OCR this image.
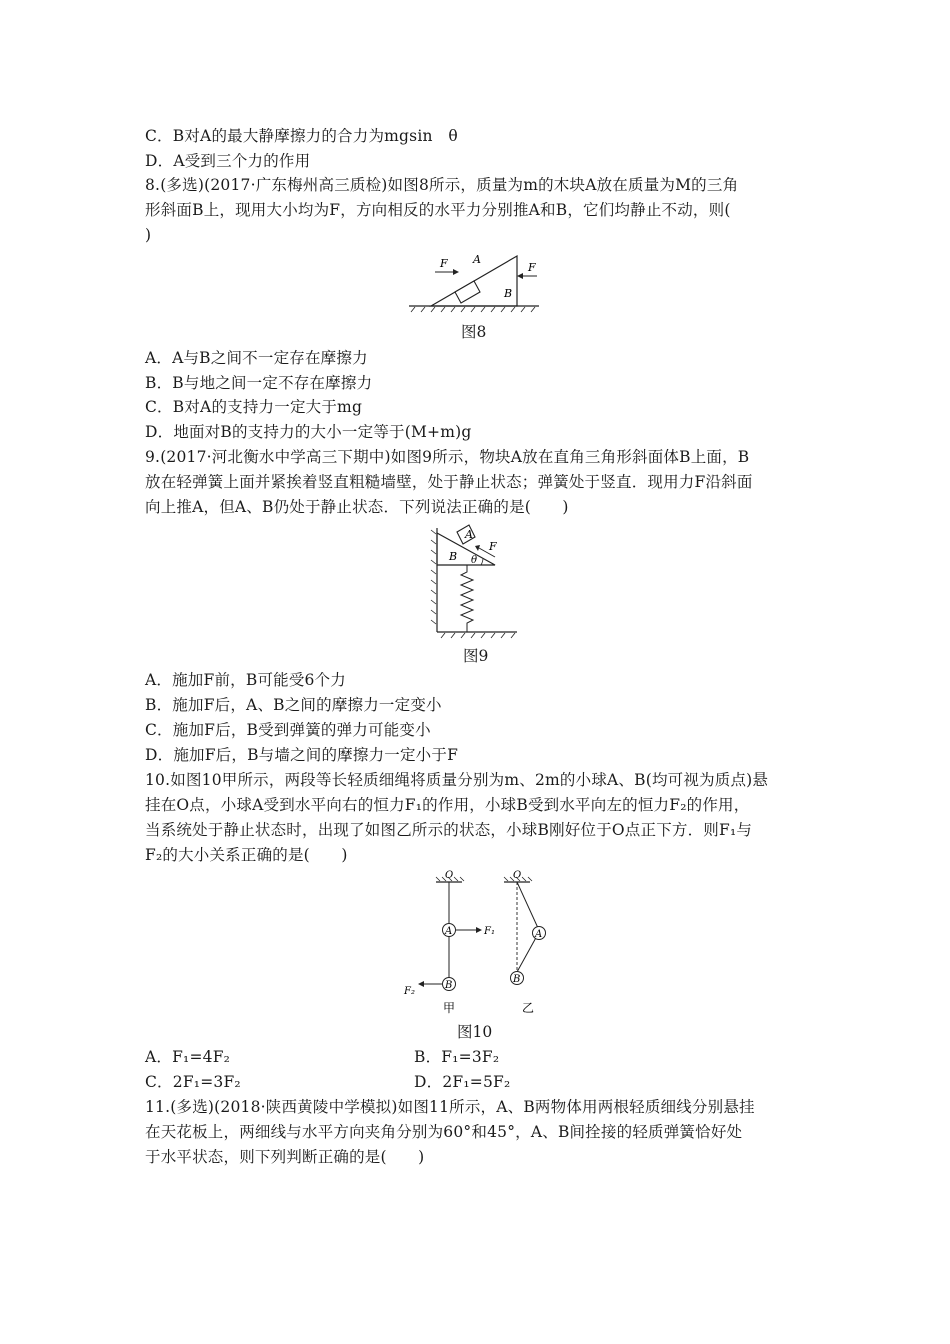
C．B对A的最大静摩擦力的合力为mgsin　θ
D．A受到三个力的作用
8.(多选)(2017·广东梅州高三质检)如图8所示，质量为m的木块A放在质量为M的三角
形斜面B上，现用大小均为F，方向相反的水平力分别推A和B，它们均静止不动，则(
)
F A
F
B
图8
A．A与B之间不一定存在摩擦力
B．B与地之间一定不存在摩擦力
C．B对A的支持力一定大于mg
D．地面对B的支持力的大小一定等于(M+m)g
9.(2017·河北衡水中学高三下期中)如图9所示，物块A放在直角三角形斜面体B上面，B
放在轻弹簧上面并紧挨着竖直粗糙墙壁，处于静止状态；弹簧处于竖直．现用力F沿斜面
向上推A，但A、B仍处于静止状态．下列说法正确的是(　　)
A
F
B θ
图9
A．施加F前，B可能受6个力
B．施加F后，A、B之间的摩擦力一定变小
C．施加F后，B受到弹簧的弹力可能变小
D．施加F后，B与墙之间的摩擦力一定小于F
10.如图10甲所示，两段等长轻质细绳将质量分别为m、2m的小球A、B(均可视为质点)悬
挂在O点，小球A受到水平向右的恒力F₁的作用，小球B受到水平向左的恒力F₂的作用，
当系统处于静止状态时，出现了如图乙所示的状态，小球B刚好位于O点正下方．则F₁与
F₂的大小关系正确的是(　　)
O
A	F₁
B
F₂
甲
O
A
B
乙
图10
A．F₁=4F₂	B．F₁=3F₂
C．2F₁=3F₂	D．2F₁=5F₂
11.(多选)(2018·陕西黄陵中学模拟)如图11所示，A、B两物体用两根轻质细线分别悬挂
在天花板上，两细线与水平方向夹角分别为60°和45°，A、B间拴接的轻质弹簧恰好处
于水平状态，则下列判断正确的是(　　)
